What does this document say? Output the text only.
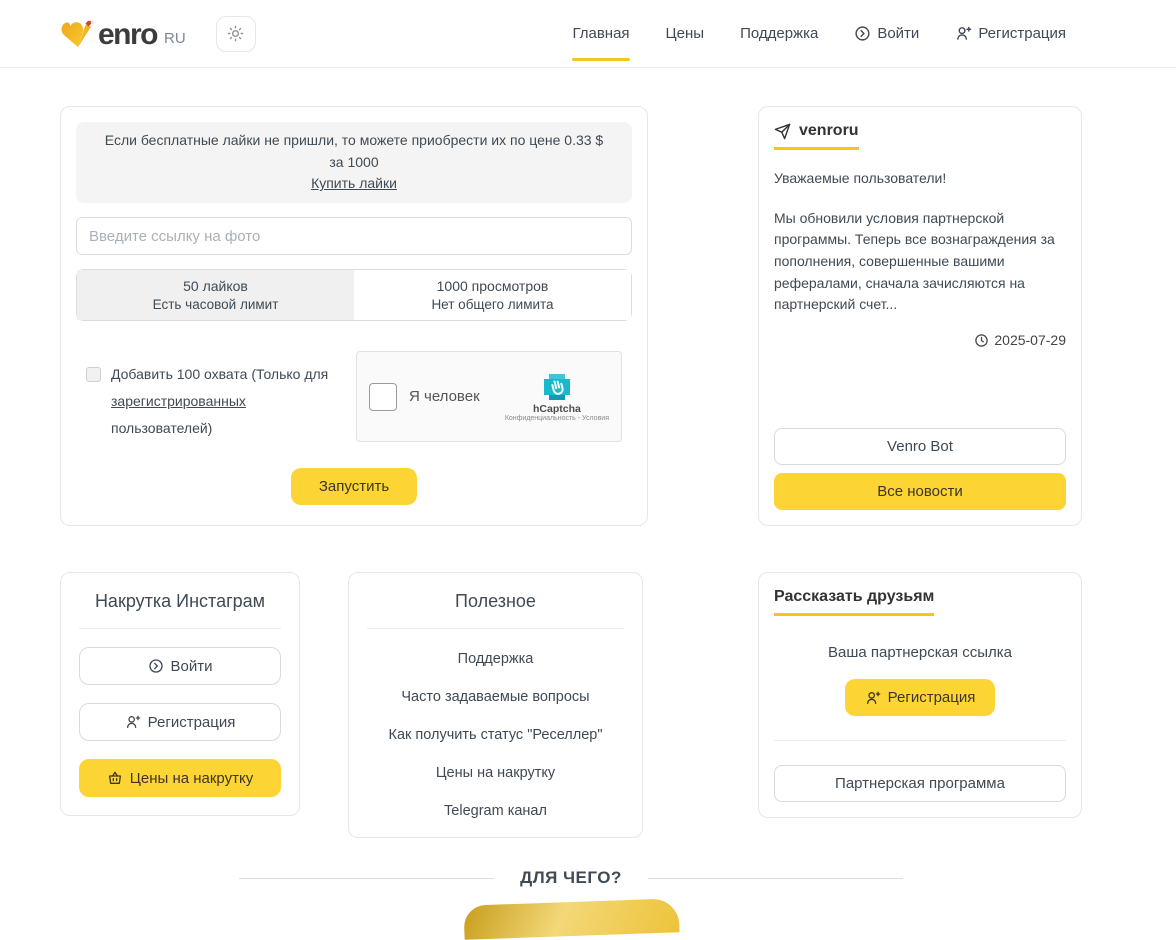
enro RU	Главная Цены Поддержка	Войти	Регистрация
Если бесплатные лайки не пришли, то можете приобрести их по цене 0.33 $ за 1000
Купить лайки
Введите ссылку на фото
50 лайков
Есть часовой лимит
1000 просмотров
Нет общего лимита
Добавить 100 охвата (Только для зарегистрированных пользователей)
Я человек
hCaptcha
Конфиденциальность - Условия
Запустить
venroru
Уважаемые пользователи!
Мы обновили условия партнерской программы. Теперь все вознаграждения за пополнения, совершенные вашими рефералами, сначала зачисляются на партнерский счет...
2025-07-29
Venro Bot
Все новости
Накрутка Инстаграм
Войти
Регистрация
Цены на накрутку
Полезное
Поддержка
Часто задаваемые вопросы
Как получить статус "Реселлер"
Цены на накрутку
Telegram канал
Рассказать друзьям
Ваша партнерская ссылка
Регистрация
Партнерская программа
ДЛЯ ЧЕГО?
